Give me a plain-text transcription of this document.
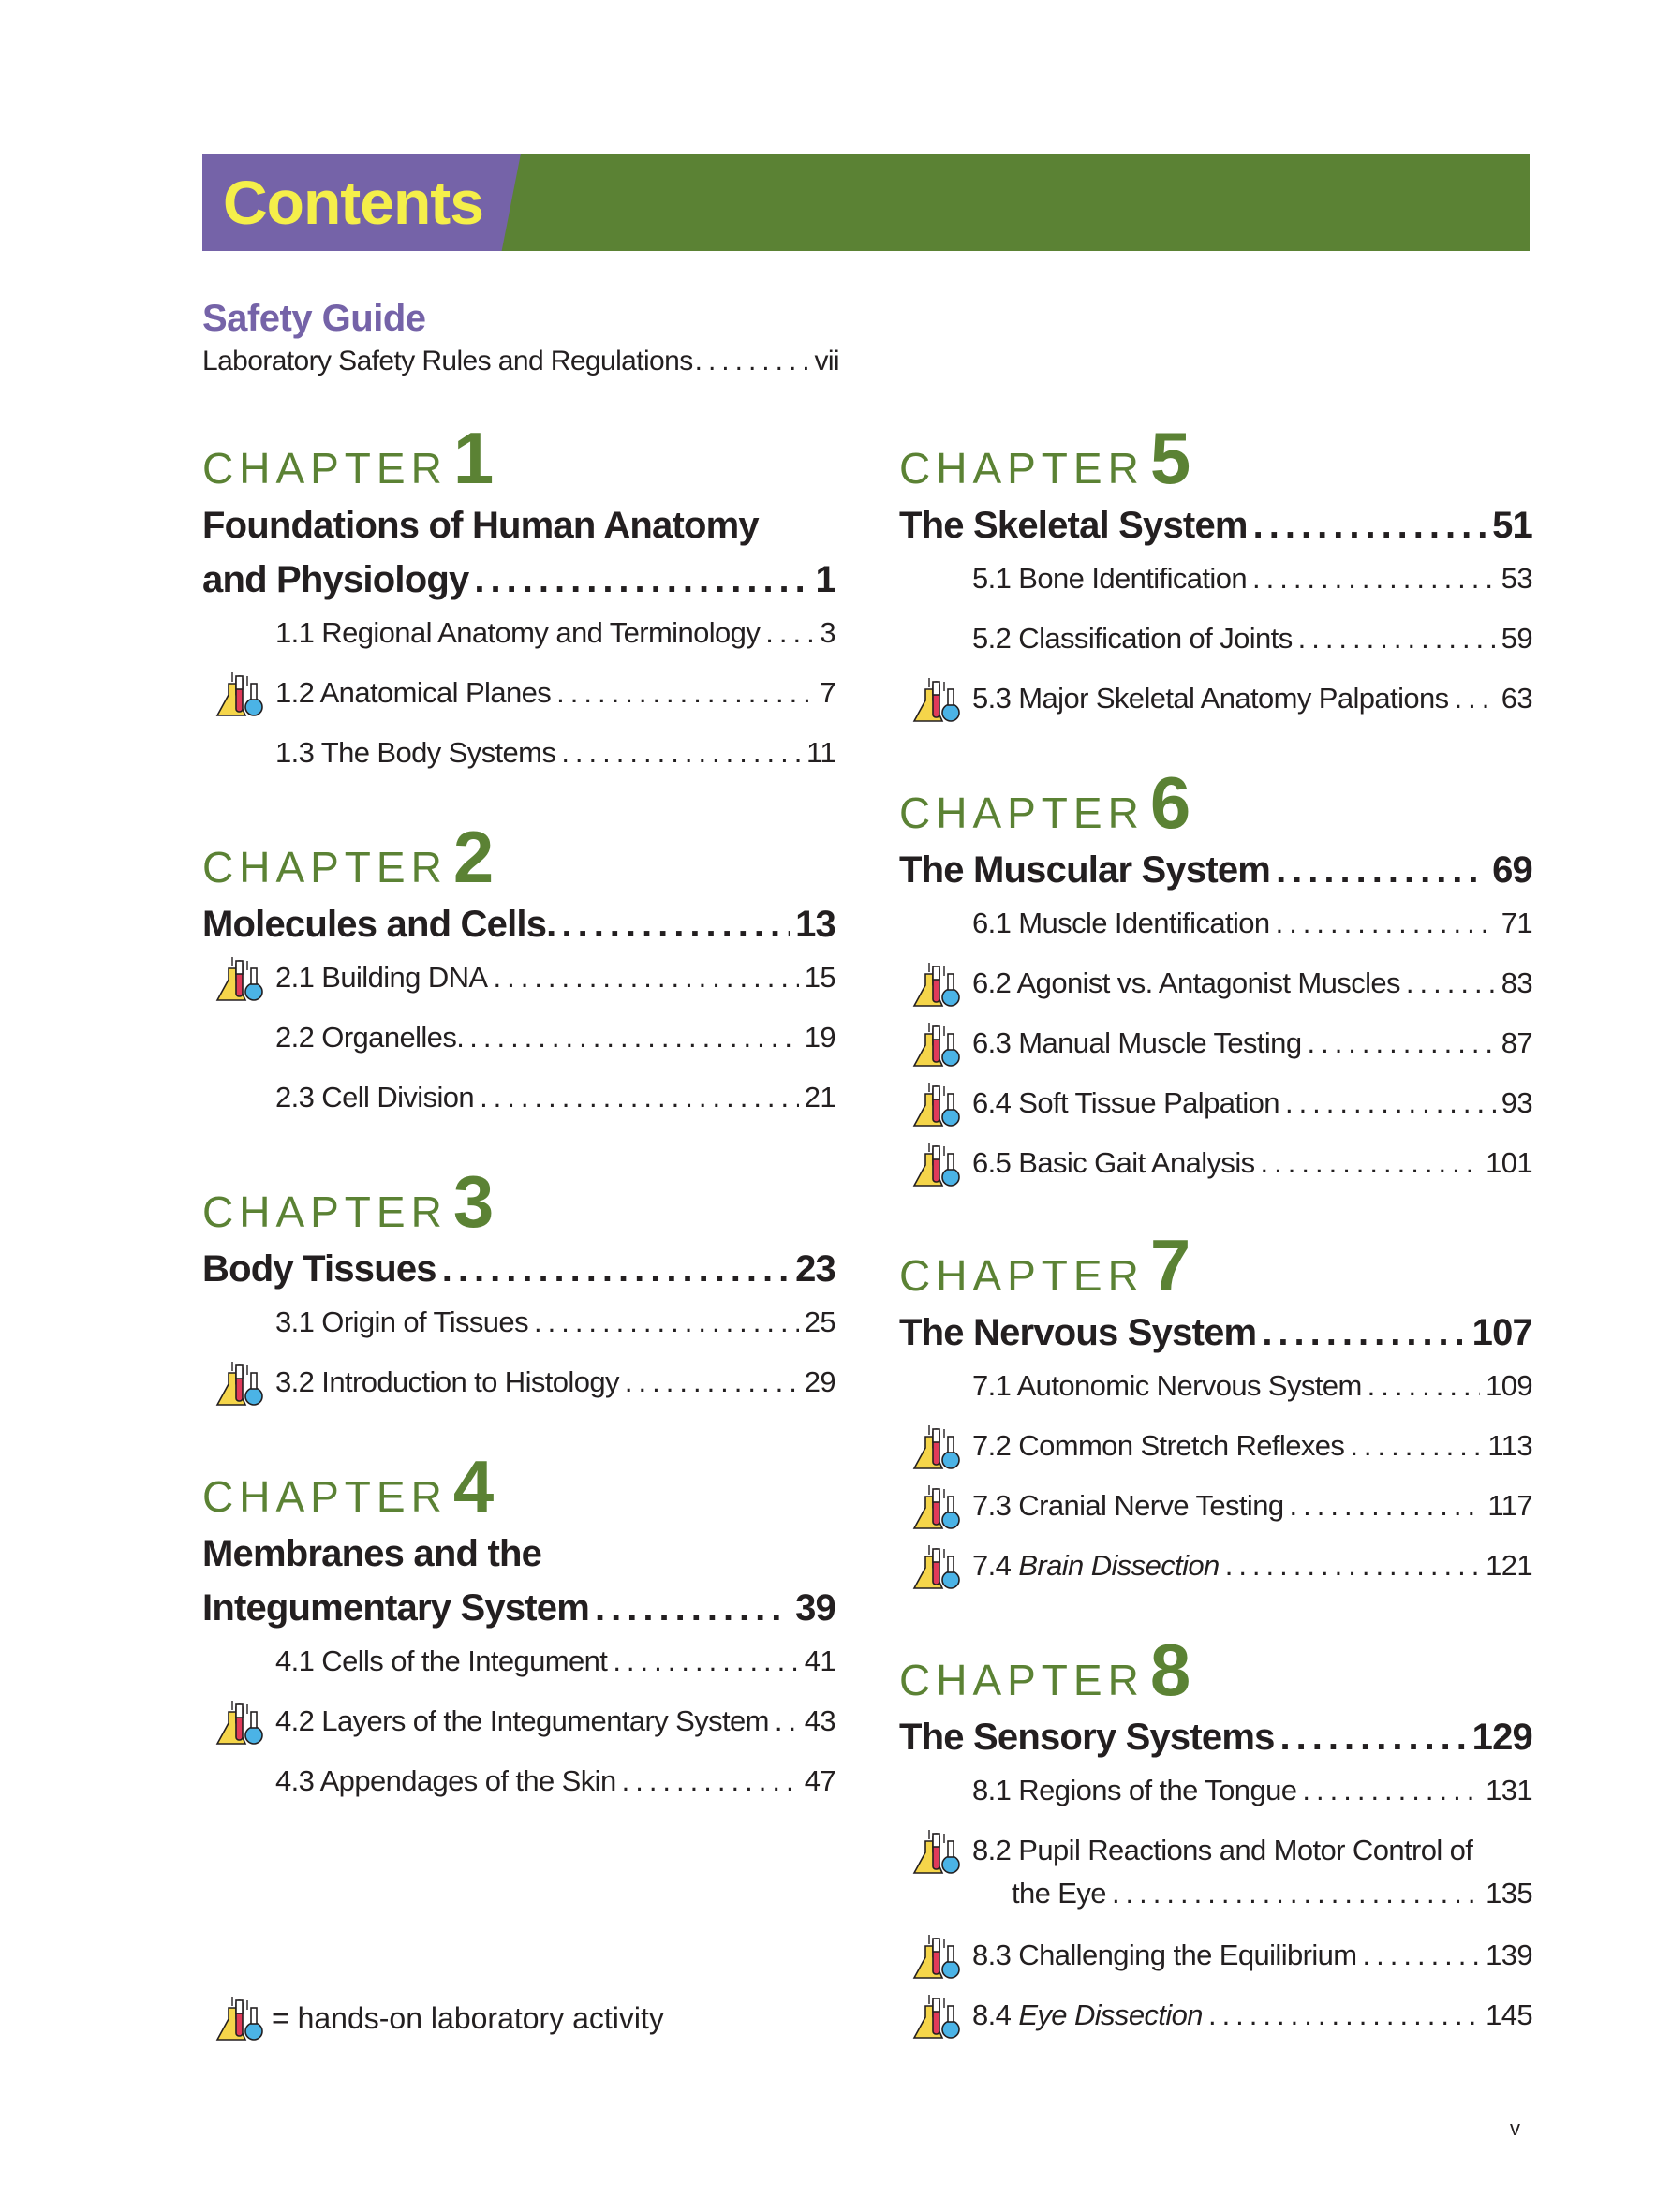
Contents
Safety Guide
Laboratory Safety Rules and Regulations .....	vii
CHAPTER1
Foundations of Human Anatomy
and Physiology .....	1
1.1 Regional Anatomy and Terminology ..... 3
1.2 Anatomical Planes .....	7
1.3 The Body Systems .....	11
CHAPTER2
Molecules and Cells. .....	13
2.1 Building DNA .....	15
2.2 Organelles. .....	19
2.3 Cell Division .....	21
CHAPTER3
Body Tissues .....	23
3.1 Origin of Tissues .....	25
3.2 Introduction to Histology .....	29
CHAPTER4
Membranes and the
Integumentary System .....	39
4.1 Cells of the Integument .....	41
4.2 Layers of the Integumentary System ..... 43
4.3 Appendages of the Skin .....	47
CHAPTER5
The Skeletal System .....	51
5.1 Bone Identification .....	53
5.2 Classification of Joints .....	59
5.3 Major Skeletal Anatomy Palpations ..... 63
CHAPTER6
The Muscular System .....	69
6.1 Muscle Identification .....	71
6.2 Agonist vs. Antagonist Muscles .....	83
6.3 Manual Muscle Testing .....	87
6.4 Soft Tissue Palpation .....	93
6.5 Basic Gait Analysis .....	101
CHAPTER7
The Nervous System .....	107
7.1 Autonomic Nervous System .....	109
7.2 Common Stretch Reflexes .....	113
7.3 Cranial Nerve Testing .....	117
7.4 Brain Dissection .....	121
CHAPTER8
The Sensory Systems .....	129
8.1 Regions of the Tongue .....	131
8.2 Pupil Reactions and Motor Control of
the Eye .....	135
8.3 Challenging the Equilibrium .....	139
8.4 Eye Dissection .....	145
= hands-on laboratory activity
v
